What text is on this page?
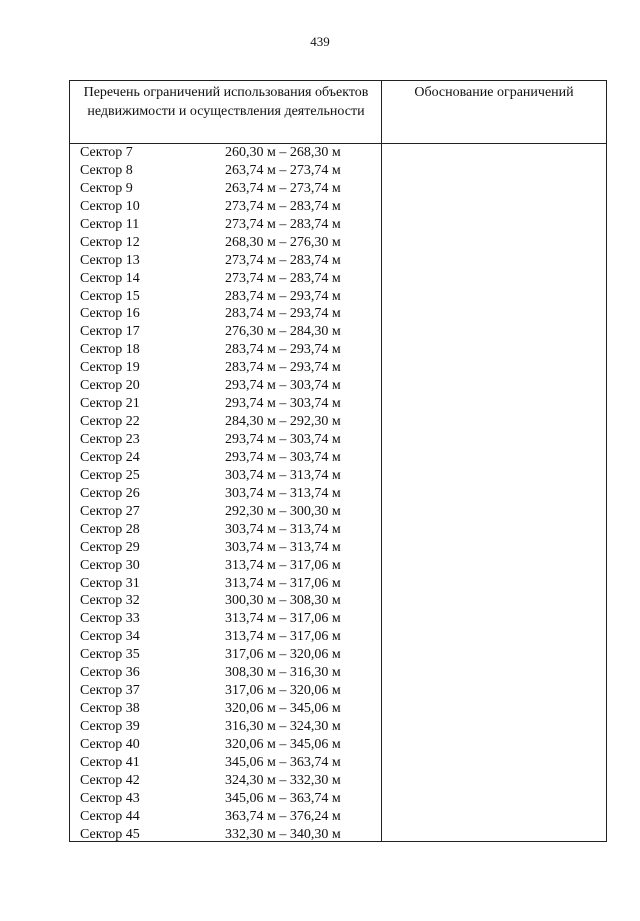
439
Перечень ограничений использования объектов недвижимости и осуществления деятельности
Обоснование ограничений
Сектор 7	260,30 м – 268,30 м
Сектор 8	263,74 м – 273,74 м
Сектор 9	263,74 м – 273,74 м
Сектор 10	273,74 м – 283,74 м
Сектор 11	273,74 м – 283,74 м
Сектор 12	268,30 м – 276,30 м
Сектор 13	273,74 м – 283,74 м
Сектор 14	273,74 м – 283,74 м
Сектор 15	283,74 м – 293,74 м
Сектор 16	283,74 м – 293,74 м
Сектор 17	276,30 м – 284,30 м
Сектор 18	283,74 м – 293,74 м
Сектор 19	283,74 м – 293,74 м
Сектор 20	293,74 м – 303,74 м
Сектор 21	293,74 м – 303,74 м
Сектор 22	284,30 м – 292,30 м
Сектор 23	293,74 м – 303,74 м
Сектор 24	293,74 м – 303,74 м
Сектор 25	303,74 м – 313,74 м
Сектор 26	303,74 м – 313,74 м
Сектор 27	292,30 м – 300,30 м
Сектор 28	303,74 м – 313,74 м
Сектор 29	303,74 м – 313,74 м
Сектор 30	313,74 м – 317,06 м
Сектор 31	313,74 м – 317,06 м
Сектор 32	300,30 м – 308,30 м
Сектор 33	313,74 м – 317,06 м
Сектор 34	313,74 м – 317,06 м
Сектор 35	317,06 м – 320,06 м
Сектор 36	308,30 м – 316,30 м
Сектор 37	317,06 м – 320,06 м
Сектор 38	320,06 м – 345,06 м
Сектор 39	316,30 м – 324,30 м
Сектор 40	320,06 м – 345,06 м
Сектор 41	345,06 м – 363,74 м
Сектор 42	324,30 м – 332,30 м
Сектор 43	345,06 м – 363,74 м
Сектор 44	363,74 м – 376,24 м
Сектор 45	332,30 м – 340,30 м
